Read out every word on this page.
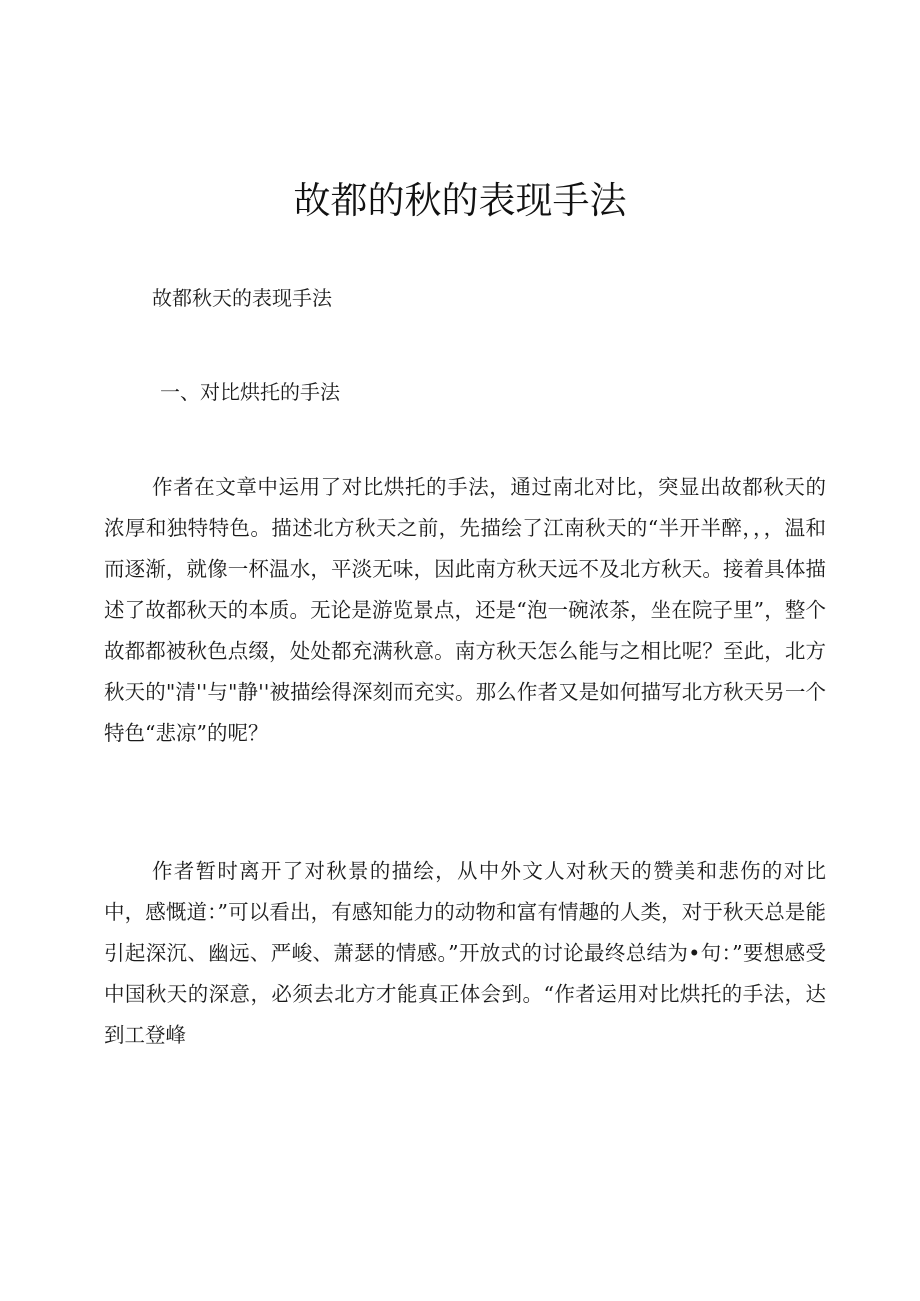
故都的秋的表现手法

故都秋天的表现手法

一、对比烘托的手法

作者在文章中运用了对比烘托的手法，通过南北对比，突显出故都秋天的浓厚和独特特色。描述北方秋天之前，先描绘了江南秋天的“半开半醉，，，温和而逐渐，就像一杯温水，平淡无味，因此南方秋天远不及北方秋天。接着具体描述了故都秋天的本质。无论是游览景点，还是“泡一碗浓茶，坐在院子里”，整个故都都被秋色点缀，处处都充满秋意。南方秋天怎么能与之相比呢？至此，北方秋天的"清''与"静''被描绘得深刻而充实。那么作者又是如何描写北方秋天另一个特色“悲凉”的呢？

作者暂时离开了对秋景的描绘，从中外文人对秋天的赞美和悲伤的对比中，感慨道：”可以看出，有感知能力的动物和富有情趣的人类，对于秋天总是能引起深沉、幽远、严峻、萧瑟的情感。”开放式的讨论最终总结为•句：”要想感受中国秋天的深意，必须去北方才能真正体会到。“作者运用对比烘托的手法，达到工登峰
